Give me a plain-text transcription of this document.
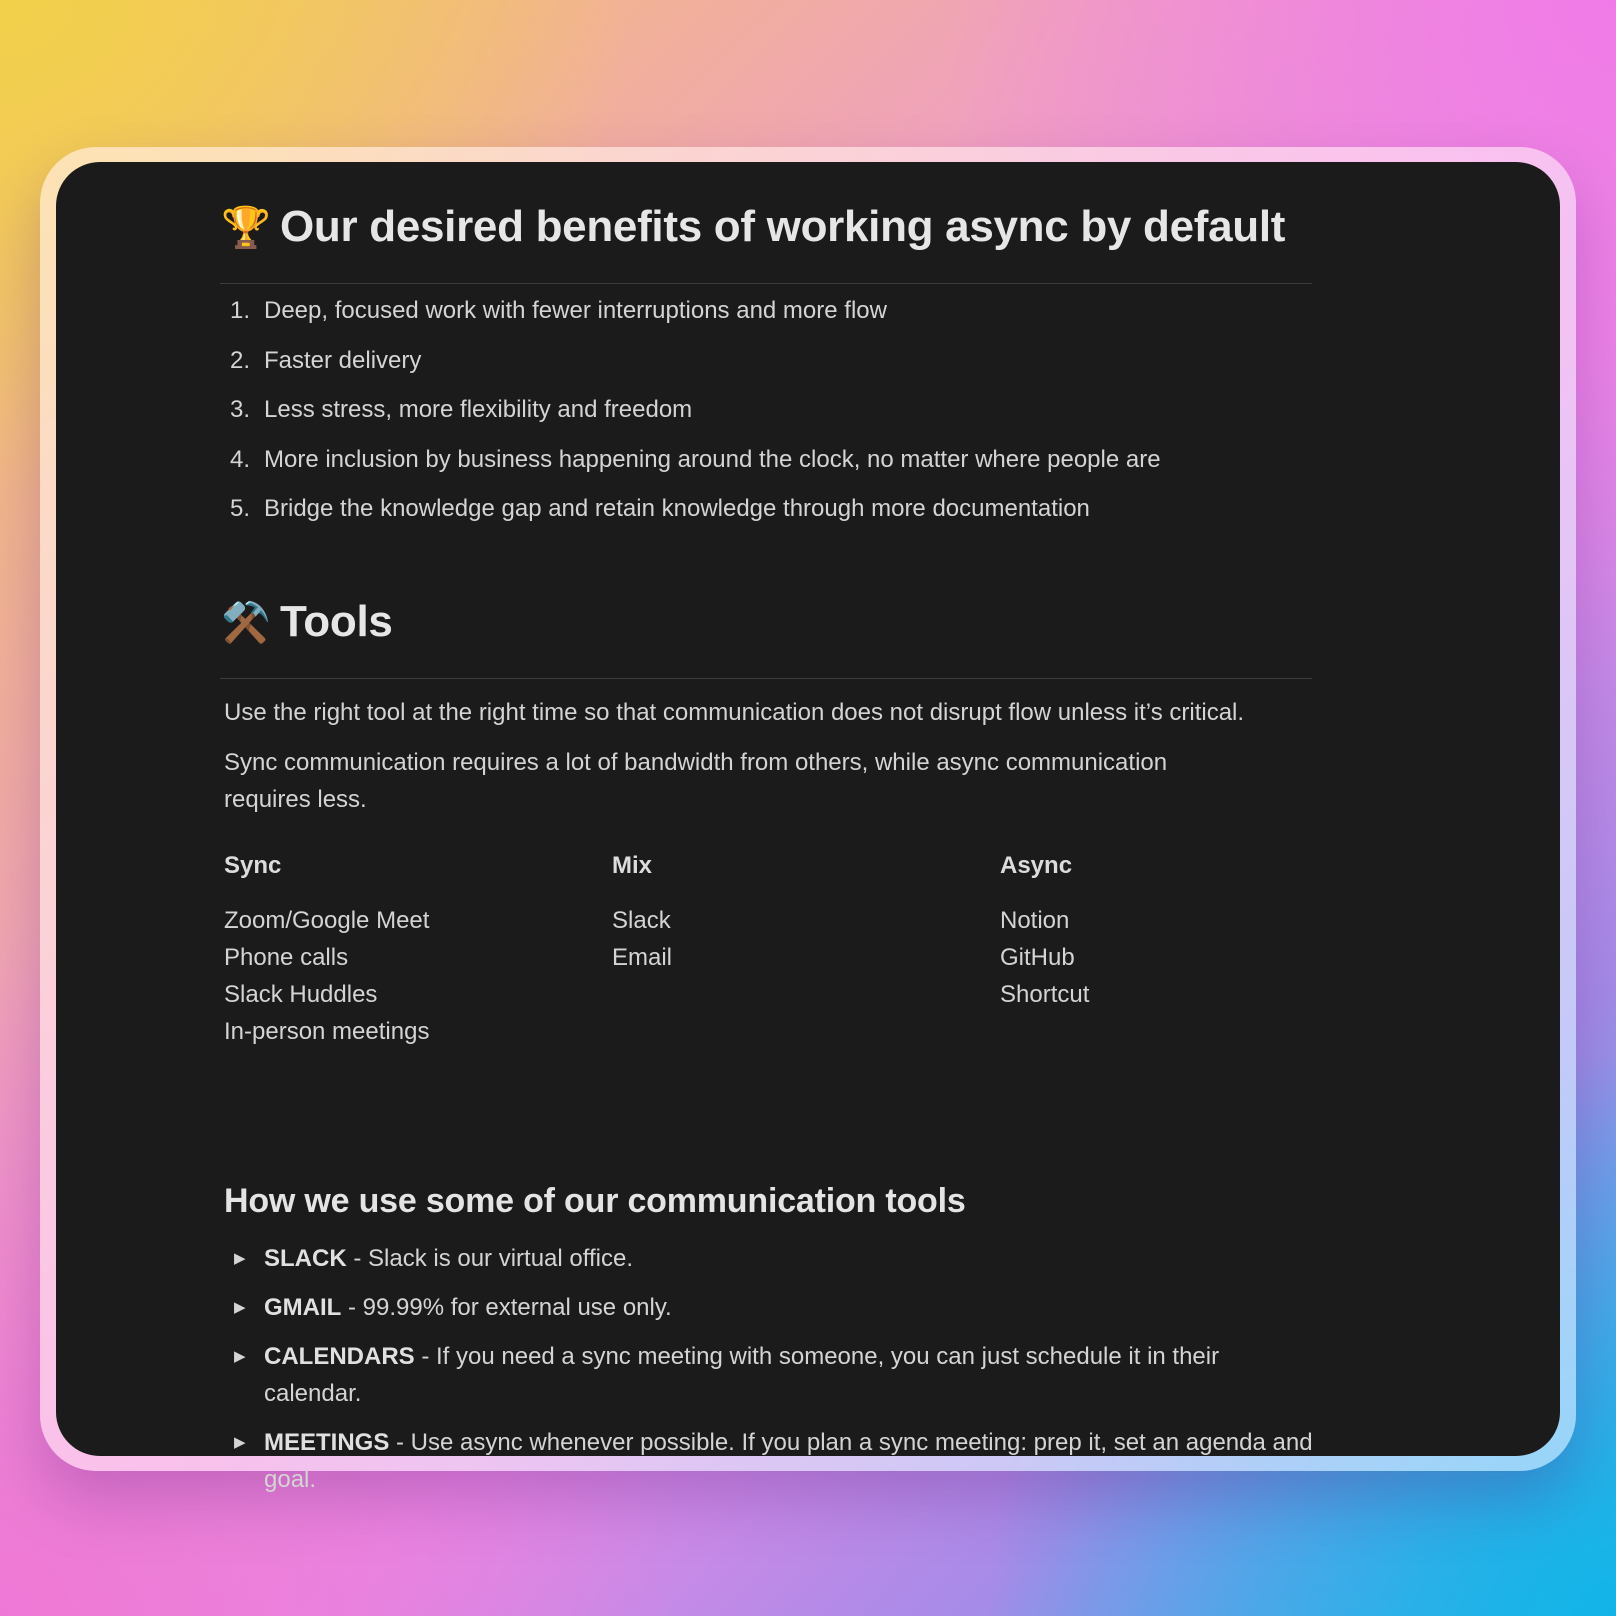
🏆 Our desired benefits of working async by default
1. Deep, focused work with fewer interruptions and more flow
2. Faster delivery
3. Less stress, more flexibility and freedom
4. More inclusion by business happening around the clock, no matter where people are
5. Bridge the knowledge gap and retain knowledge through more documentation
⚒️ Tools
Use the right tool at the right time so that communication does not disrupt flow unless it’s critical.
Sync communication requires a lot of bandwidth from others, while async communication requires less.
Sync
Zoom/Google Meet
Phone calls
Slack Huddles
In-person meetings
Mix
Slack
Email
Async
Notion
GitHub
Shortcut
How we use some of our communication tools
▶ SLACK - Slack is our virtual office.
▶ GMAIL - 99.99% for external use only.
▶ CALENDARS - If you need a sync meeting with someone, you can just schedule it in their calendar.
▶ MEETINGS - Use async whenever possible. If you plan a sync meeting: prep it, set an agenda and goal.
